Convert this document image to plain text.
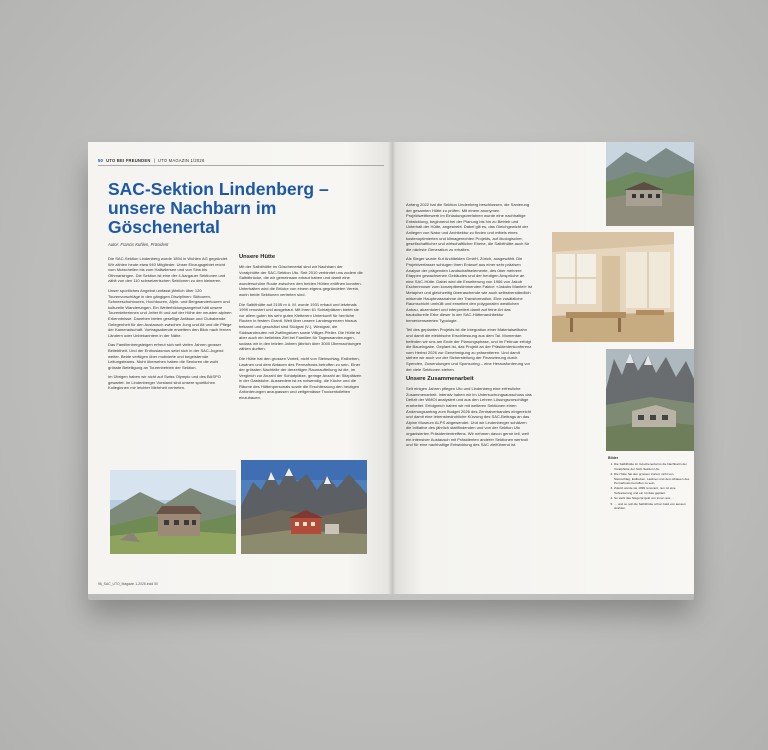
50 UTO BEI FREUNDEN | UTO MAGAZIN 1/2026
SAC-Sektion Lindenberg – unsere Nachbarn im Göschenertal
Autor: Francis Kuhlen, Präsident

Die SAC-Sektion Lindenberg wurde 1894 in Wohlen AG gegründet. Wir zählen heute etwa 940 Mitglieder. Unser Einzugsgebiet reicht vom Mutschellen bis zum Hallwilersee und von Sins bis Othmarsingen. Die Sektion ist eine der 4 Aargauer Sektionen und zählt von den 110 schweizerischen Sektionen zu den kleineren.

Unser sportliches Angebot umfasst jährlich über 120 Tourenvorschläge in den gängigen Disziplinen: Skitouren, Schneeschuhtouren, Hochtouren, Alpin- und Bergwandertouren und kulturelle Wanderungen. Ein Weiterbildungsangebot hält unsere Tourenleiterinnen und -leiter fit und auf der Höhe der neusten alpinen Erkenntnisse. Daneben bieten gesellige Anlässe und Clubabende Gelegenheit für den Austausch zwischen Jung und Alt und die Pflege der Kameradschaft. Vortragsabende erweitern den Blick nach fernen Ländern oder Unbekanntem in der Nähe.

Das Familienbergsteigen erfreut sich seit vielen Jahren grosser Beliebtheit. Und der Enthusiasmus setzt sich in der SAC-Jugend weiter. Beide verfügen über motivierte und begeisternde Leitungsteams. Nicht übersehen haben die Senioren die wohl grösste Beteiligung an Tourenbetrieb der Sektion.

Im Übrigen haben wir nicht auf Swiss Olympic und des BASPO gewartet: Im Lindenberger Vorstand sind unsere sportlichen Kolleginnen mir leichter Mehrheit vertreten.

Unsere Hütte

Mit der Salbithütte im Göschenertal sind wir Nachbarn der Voralphütte der SAC-Sektion Uto. Seit 2010 verbindet uns zudem die Salbitbrücke, die wir gemeinsam erbaut haben und damit eine wunderschöne Route zwischen den beiden Hütten eröffnen konnten. Unterhalten wird die Brücke von einem eigens gegründeten Verein, worin beide Sektionen vertreten sind.

Die Salbithütte auf 2105 m ü. M. wurde 1931 erbaut und letztmals 1999 renoviert und ausgebaut. Mit ihren 61 Schlafplätzen bietet sie vor allem guten bis sehr guten Kletterern Unterkunft für herrliche Routen in festem Granit. Weit über unsere Landesgrenzen hinaus bekannt und geschätzt sind Südgrat (V-), Westgrat, die Südwandrouten mit Zwillingsturm sowie Villiger-Pfeiler. Die Hütte ist aber auch ein beliebtes Ziel bei Familien für Tageswanderungen, sodass wir in den letzten Jahren jährlich über 3000 Übernachtungen zählen durften.

Die Hütte hat den grossen Vorteil, nicht von Steinschlag, Erdbeben, Lawinen und dem Abtauen des Permafrosts betroffen zu sein. Einer der grössten Nachteile der derzeitigen Raumaufteilung ist die, im Vergleich zur Anzahl der Schlafplätze, geringe Anzahl an Sitzplätzen in der Gaststube. Ausserdem ist es notwendig, die Küche und die Räume des Hüttenpersonals sowie die Erschliessung den heutigen Anforderungen anzupassen und zeitgemässe Trockentoiletten einzubauen.

96_SAC_UTO_Magazin 1-2026.indd 50

Anfang 2022 hat die Sektion Lindenberg beschlossen, die Sanierung der gesamten Hütte zu prüfen. Mit einem anonymen Projektwettbewerb im Einladungsverfahren wurde eine nachhaltige Entwicklung, beginnend bei der Planung bis hin zu Betrieb und Unterhalt der Hütte, angestrebt. Dabei gilt es, das Gleichgewicht der Anliegen von Natur und Architektur zu finden und mittels eines kostenoptimierten und klimagerechten Projekts, auf ökologischer, gesellschaftlicher und wirtschaftlicher Ebene, die Salbithütte auch für die nächste Generation zu erhalten.

Als Sieger wurde Kuf Architekten GmbH, Zürich, ausgewählt. Die Projektverfasser schlugen ihren Entwurf aus einer sehr präzisen Analyse der prägenden Landschaftselemente, des über mehrere Etappen gewachsenen Gebäudes und der heutigen Ansprüche an eine SAC-Hütte. Dabei wird die Erweiterung von 1966 von Jakob Eschenmoser zum konzeptbestimmenden Faktor: «Jakobs Mantel» ist Metapher und gleichzeitig überraschende wie auch selbstverständlich wirkende Hauptmassnahme der Transformation. Eine zusätzliche Raumschicht umhüllt und erweitert den polygonalen westlichen Anbau, akzentuiert und interpretiert damit auf feine Art das baukulturelle Erbe dieser in der SAC-Hüttenarchitektur bemerkenswerten Typologie.

Teil des geplanten Projekts ist die Integration einer Materialseilbahn und damit die elektrische Erschliessung aus dem Tal. Momentan befinden wir uns am Ende der Planungsphase, und im Februar erfolgt die Baueingabe. Geplant ist, das Projekt an der Präsidentenkonferenz vom Herbst 2026 zur Genehmigung zu präsentieren. Und damit stehen wir auch vor der Sicherstellung der Finanzierung durch Spenden, Zuwendungen und Sponsoring – eine Herausforderung vor der viele Sektionen stehen.

Unsere Zusammenarbeit

Seit einigen Jahren pflegen Uto und Lindenberg eine erfreuliche Zusammenarbeit. Intensiv haben wir im Untersuchungsausschuss das Defizit der WMOI analysiert und aus den Lehren Lösungsvorschläge erarbeitet. Erfolgreich haben wir mit weiteren Sektionen einen Änderungsantrag zum Budget 2026 des Zentralverbandes eingereicht und damit eine lebensbedrohliche Kürzung des SAC-Beitrags an das Alpine Museum ALPS abgewendet. Und wir Lindenberger schätzen die Initiative des jährlich stattfindenden und von der Sektion Uto organisierten Präsidententreffens. Wir nehmen davon gerne teil, weil ein intensiver Austausch mit Präsidenten anderer Sektionen wertvoll und für eine nachhaltige Entwicklung des SAC zielführend ist.

Bilder
1. Die Salbithütte im Göschenertal ist die Nachbarin der Voralphütte der SAC-Sektion Uto.
2. Die Hütte hat den grossen Vorteil, nicht von Steinschlag, Erdbeben, Lawinen und dem Abtauen des Permafrosts betroffen zu sein.
3. Zuletzt wurde sie 1999 renoviert, nun ist eine Teilsanierung und ein Umbau geplant.
4. So sieht das Siegerprojekt von innen aus …
5. … und so soll die Salbithütte schon bald von aussen strahlen.
